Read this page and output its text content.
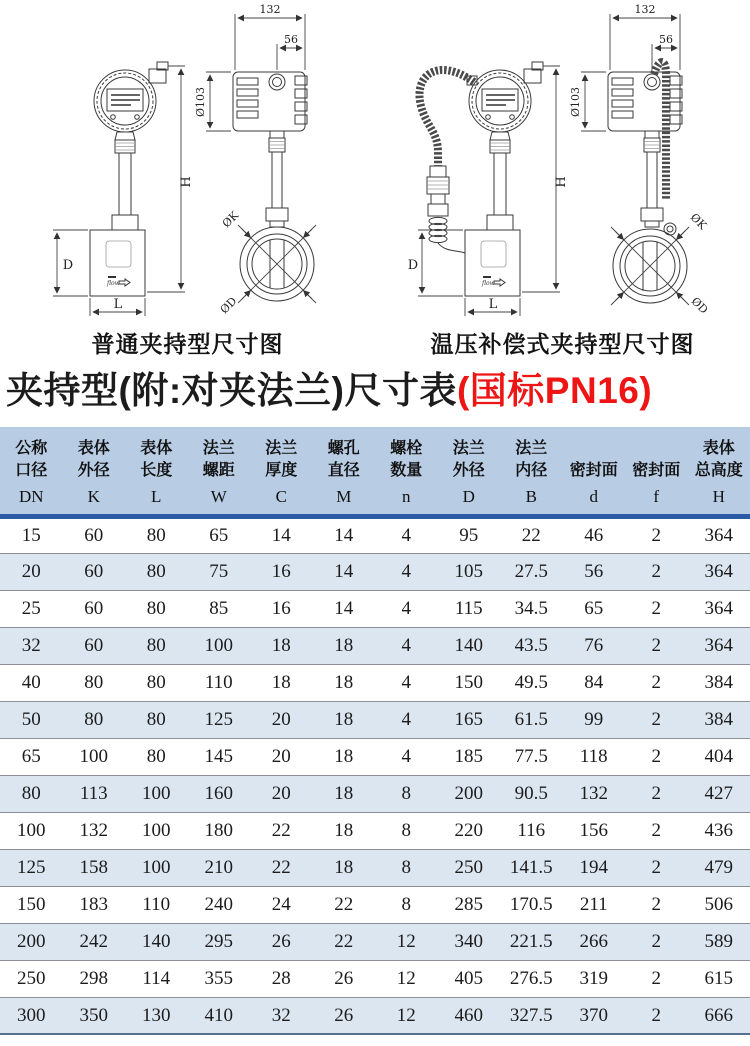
flow
D
L
H
132
56
Ø103
ØK
ØD
flow
D
L
H
132
56
Ø103
ØK
ØD
普通夹持型尺寸图	温压补偿式夹持型尺寸图
夹持型(附:对夹法兰)尺寸表(国标PN16)
公称
口径
DN

表体
外径
K

表体
长度
L

法兰
螺距
W

法兰
厚度
C

螺孔
直径
M

螺栓
数量
n

法兰
外径
D

法兰
内径
B

密封面
d

密封面
f

表体
总高度
H

15	60	80	65	14	14	4	95	22	46	2	364
20	60	80	75	16	14	4	105	27.5	56	2	364
25	60	80	85	16	14	4	115	34.5	65	2	364
32	60	80	100	18	18	4	140	43.5	76	2	364
40	80	80	110	18	18	4	150	49.5	84	2	384
50	80	80	125	20	18	4	165	61.5	99	2	384
65	100	80	145	20	18	4	185	77.5	118	2	404
80	113	100	160	20	18	8	200	90.5	132	2	427
100	132	100	180	22	18	8	220	116	156	2	436
125	158	100	210	22	18	8	250	141.5	194	2	479
150	183	110	240	24	22	8	285	170.5	211	2	506
200	242	140	295	26	22	12	340	221.5	266	2	589
250	298	114	355	28	26	12	405	276.5	319	2	615
300	350	130	410	32	26	12	460	327.5	370	2	666
